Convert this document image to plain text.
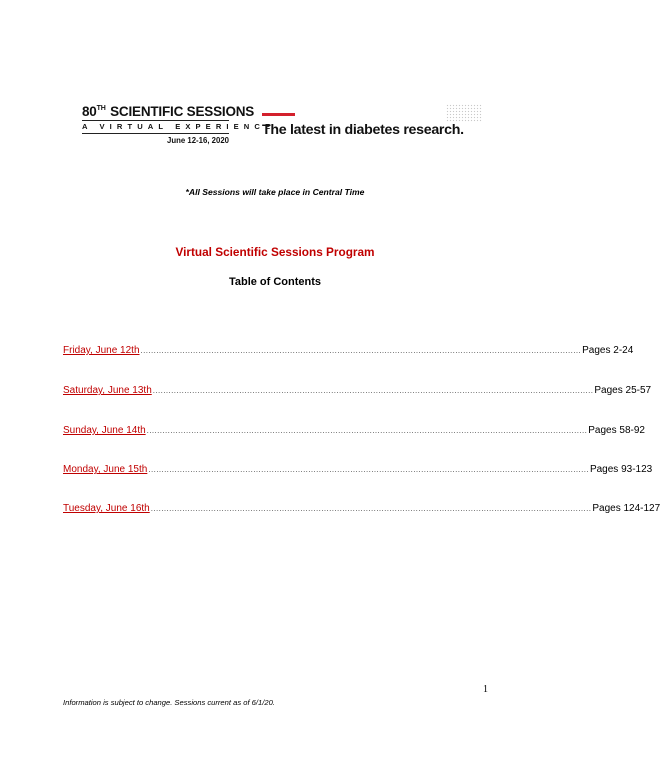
80TH SCIENTIFIC SESSIONS
A VIRTUAL EXPERIENCE
June 12-16, 2020
The latest in diabetes research.
*All Sessions will take place in Central Time
Virtual Scientific Sessions Program
Table of Contents
Friday, June 12th ........................................................................................................................................................................ Pages 2-24
Saturday, June 13th ........................................................................................................................................................................ Pages 25-57
Sunday, June 14th ........................................................................................................................................................................ Pages 58-92
Monday, June 15th ........................................................................................................................................................................ Pages 93-123
Tuesday, June 16th ........................................................................................................................................................................ Pages 124-127
1
Information is subject to change. Sessions current as of 6/1/20.
